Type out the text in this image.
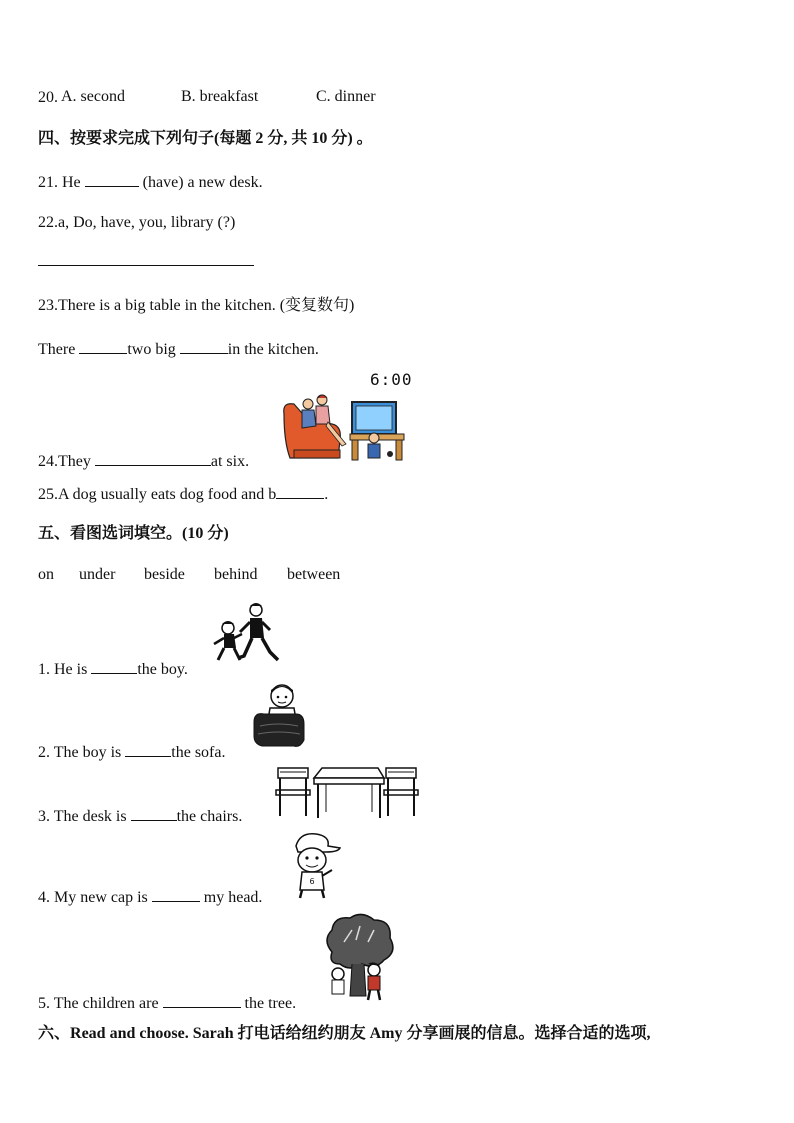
20. A. second	B. breakfast	C. dinner
四、按要求完成下列句子(每题 2 分, 共 10 分) 。
21. He	(have) a new desk.
22.a, Do, have, you, library (?)
23.There is a big table in the kitchen. (变复数句)
There	two big	in the kitchen.
6:00
24.They	at six.
25.A dog usually eats dog food and b	.
五、看图选词填空。(10 分)
on under beside behind between
1. He is	the boy.
2. The boy is	the sofa.
3. The desk is	the chairs.
6
4. My new cap is	my head.
5. The children are	the tree.
六、Read and choose. Sarah 打电话给纽约朋友 Amy 分享画展的信息。选择合适的选项,
